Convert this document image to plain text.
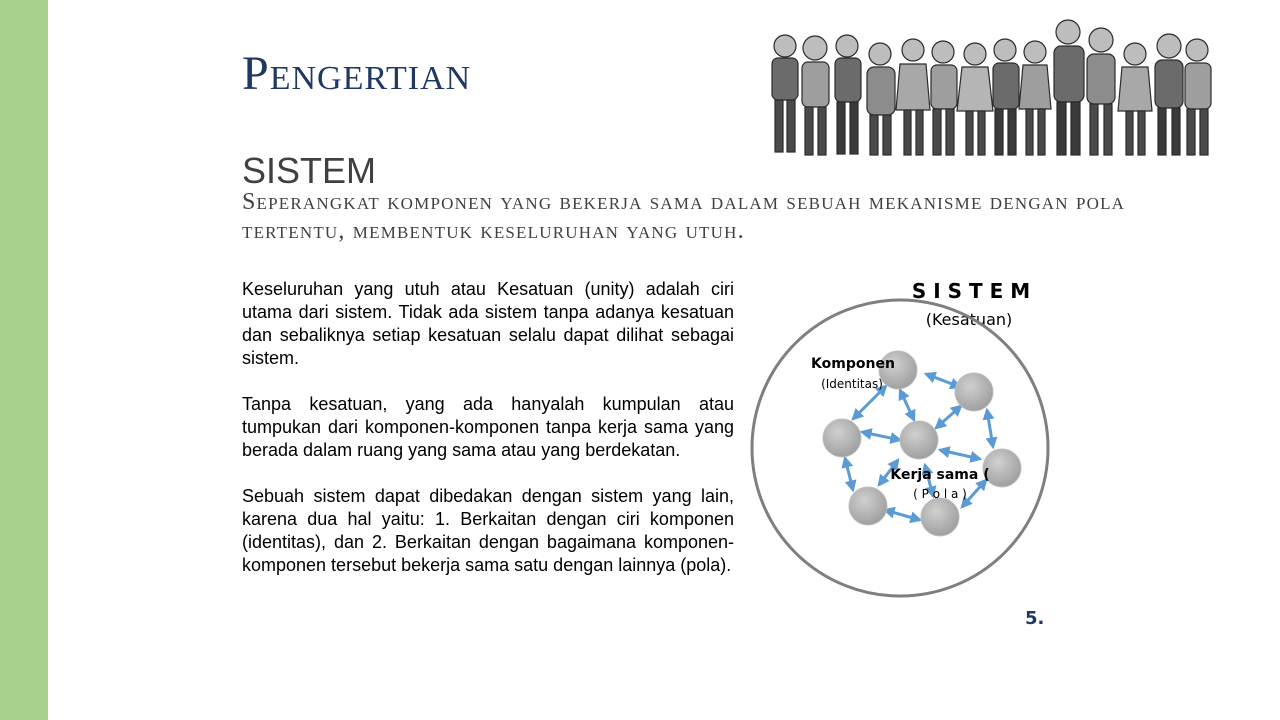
Pengertian
SISTEM
Seperangkat komponen yang bekerja sama dalam sebuah mekanisme dengan pola tertentu, membentuk keseluruhan yang utuh.

Keseluruhan yang utuh atau Kesatuan (unity) adalah ciri utama dari sistem. Tidak ada sistem tanpa adanya kesatuan dan sebaliknya setiap kesatuan selalu dapat dilihat sebagai sistem.

Tanpa kesatuan, yang ada hanyalah kumpulan atau tumpukan dari komponen-komponen tanpa kerja sama yang berada dalam ruang yang sama atau yang berdekatan.

Sebuah sistem dapat dibedakan dengan sistem yang lain, karena dua hal yaitu: 1. Berkaitan dengan ciri komponen (identitas), dan 2. Berkaitan dengan bagaimana komponen-komponen tersebut bekerja sama satu dengan lainnya (pola).

S I S T E M
(Kesatuan)
Komponen
(Identitas)
Kerja sama (
( P o l a )
5.
